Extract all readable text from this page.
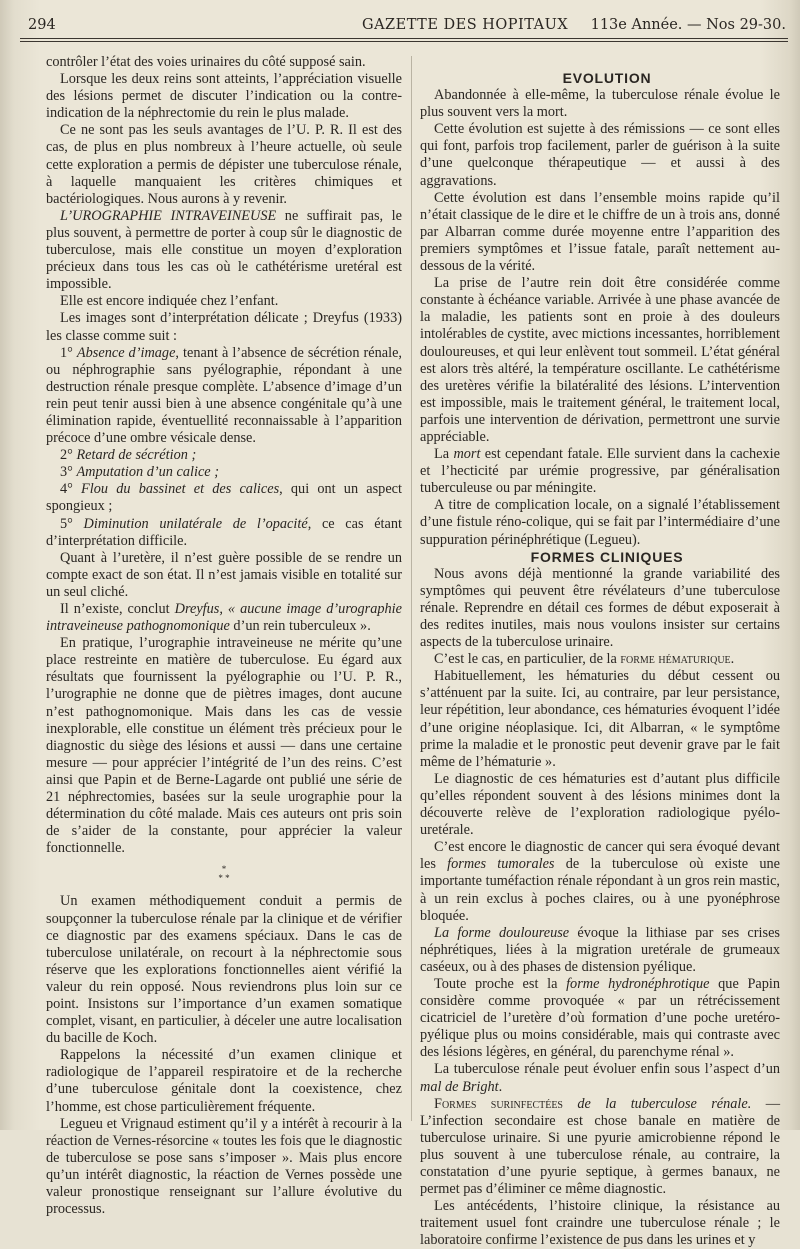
294	GAZETTE DES HOPITAUX 113e Année. — Nos 29-30.

contrôler l’état des voies urinaires du côté supposé sain.

Lorsque les deux reins sont atteints, l’appréciation visuelle des lésions permet de discuter l’indication ou la contre-indication de la néphrectomie du rein le plus malade.

Ce ne sont pas les seuls avantages de l’U. P. R. Il est des cas, de plus en plus nombreux à l’heure actuelle, où seule cette exploration a permis de dépister une tuberculose rénale, à laquelle manquaient les critères chimiques et bactériologiques. Nous aurons à y revenir.

L’UROGRAPHIE INTRAVEINEUSE ne suffirait pas, le plus souvent, à permettre de porter à coup sûr le diagnostic de tuberculose, mais elle constitue un moyen d’exploration précieux dans tous les cas où le cathétérisme uretéral est impossible.

Elle est encore indiquée chez l’enfant.

Les images sont d’interprétation délicate ; Dreyfus (1933) les classe comme suit :

1° Absence d’image, tenant à l’absence de sécrétion rénale, ou néphrographie sans pyélographie, répondant à une destruction rénale presque complète. L’absence d’image d’un rein peut tenir aussi bien à une absence congénitale qu’à une élimination rapide, éventuellité reconnaissable à l’apparition précoce d’une ombre vésicale dense.

2° Retard de sécrétion ;

3° Amputation d’un calice ;

4° Flou du bassinet et des calices, qui ont un aspect spongieux ;

5° Diminution unilatérale de l’opacité, ce cas étant d’interprétation difficile.

Quant à l’uretère, il n’est guère possible de se rendre un compte exact de son état. Il n’est jamais visible en totalité sur un seul cliché.

Il n’existe, conclut Dreyfus, « aucune image d’urographie intraveineuse pathognomonique d’un rein tuberculeux ».

En pratique, l’urographie intraveineuse ne mérite qu’une place restreinte en matière de tuberculose. Eu égard aux résultats que fournissent la pyélographie ou l’U. P. R., l’urographie ne donne que de piètres images, dont aucune n’est pathognomonique. Mais dans les cas de vessie inexplorable, elle constitue un élément très précieux pour le diagnostic du siège des lésions et aussi — dans une certaine mesure — pour apprécier l’intégrité de l’un des reins. C’est ainsi que Papin et de Berne-Lagarde ont publié une série de 21 néphrectomies, basées sur la seule urographie pour la détermination du côté malade. Mais ces auteurs ont pris soin de s’aider de la constante, pour apprécier la valeur fonctionnelle.

*
* *

Un examen méthodiquement conduit a permis de soupçonner la tuberculose rénale par la clinique et de vérifier ce diagnostic par des examens spéciaux. Dans le cas de tuberculose unilatérale, on recourt à la néphrectomie sous réserve que les explorations fonctionnelles aient vérifié la valeur du rein opposé. Nous reviendrons plus loin sur ce point. Insistons sur l’importance d’un examen somatique complet, visant, en particulier, à déceler une autre localisation du bacille de Koch.

Rappelons la nécessité d’un examen clinique et radiologique de l’appareil respiratoire et de la recherche d’une tuberculose génitale dont la coexistence, chez l’homme, est chose particulièrement fréquente.

Legueu et Vrignaud estiment qu’il y a intérêt à recourir à la réaction de Vernes-résorcine « toutes les fois que le diagnostic de tuberculose se pose sans s’imposer ». Mais plus encore qu’un intérêt diagnostic, la réaction de Vernes possède une valeur pronostique renseignant sur l’allure évolutive du processus.

EVOLUTION

Abandonnée à elle-même, la tuberculose rénale évolue le plus souvent vers la mort.

Cette évolution est sujette à des rémissions — ce sont elles qui font, parfois trop facilement, parler de guérison à la suite d’une quelconque thérapeutique — et aussi à des aggravations.

Cette évolution est dans l’ensemble moins rapide qu’il n’était classique de le dire et le chiffre de un à trois ans, donné par Albarran comme durée moyenne entre l’apparition des premiers symptômes et l’issue fatale, paraît nettement au-dessous de la vérité.

La prise de l’autre rein doit être considérée comme constante à échéance variable. Arrivée à une phase avancée de la maladie, les patients sont en proie à des douleurs intolérables de cystite, avec mictions incessantes, horriblement douloureuses, et qui leur enlèvent tout sommeil. L’état général est alors très altéré, la température oscillante. Le cathétérisme des uretères vérifie la bilatéralité des lésions. L’intervention est impossible, mais le traitement général, le traitement local, parfois une intervention de dérivation, permettront une survie appréciable.

La mort est cependant fatale. Elle survient dans la cachexie et l’hecticité par urémie progressive, par généralisation tuberculeuse ou par méningite.

A titre de complication locale, on a signalé l’établissement d’une fistule réno-colique, qui se fait par l’intermédiaire d’une suppuration périnéphrétique (Legueu).

FORMES CLINIQUES

Nous avons déjà mentionné la grande variabilité des symptômes qui peuvent être révélateurs d’une tuberculose rénale. Reprendre en détail ces formes de début exposerait à des redites inutiles, mais nous voulons insister sur certains aspects de la tuberculose urinaire.

C’est le cas, en particulier, de la forme hématurique.

Habituellement, les hématuries du début cessent ou s’atténuent par la suite. Ici, au contraire, par leur persistance, leur répétition, leur abondance, ces hématuries évoquent l’idée d’une origine néoplasique. Ici, dit Albarran, « le symptôme prime la maladie et le pronostic peut devenir grave par le fait même de l’hématurie ».

Le diagnostic de ces hématuries est d’autant plus difficile qu’elles répondent souvent à des lésions minimes dont la découverte relève de l’exploration radiologique pyélo-uretérale.

C’est encore le diagnostic de cancer qui sera évoqué devant les formes tumorales de la tuberculose où existe une importante tuméfaction rénale répondant à un gros rein mastic, à un rein exclus à poches claires, ou à une pyonéphrose bloquée.

La forme douloureuse évoque la lithiase par ses crises néphrétiques, liées à la migration uretérale de grumeaux caséeux, ou à des phases de distension pyélique.

Toute proche est la forme hydronéphrotique que Papin considère comme provoquée « par un rétrécissement cicatriciel de l’uretère d’où formation d’une poche uretéro-pyélique plus ou moins considérable, mais qui contraste avec des lésions légères, en général, du parenchyme rénal ».

La tuberculose rénale peut évoluer enfin sous l’aspect d’un mal de Bright.

Formes surinfectées de la tuberculose rénale. — L’infection secondaire est chose banale en matière de tuberculose urinaire. Si une pyurie amicrobienne répond le plus souvent à une tuberculose rénale, au contraire, la constatation d’une pyurie septique, à germes banaux, ne permet pas d’éliminer ce même diagnostic.

Les antécédents, l’histoire clinique, la résistance au traitement usuel font craindre une tuberculose rénale ; le laboratoire confirme l’existence de pus dans les urines et y
